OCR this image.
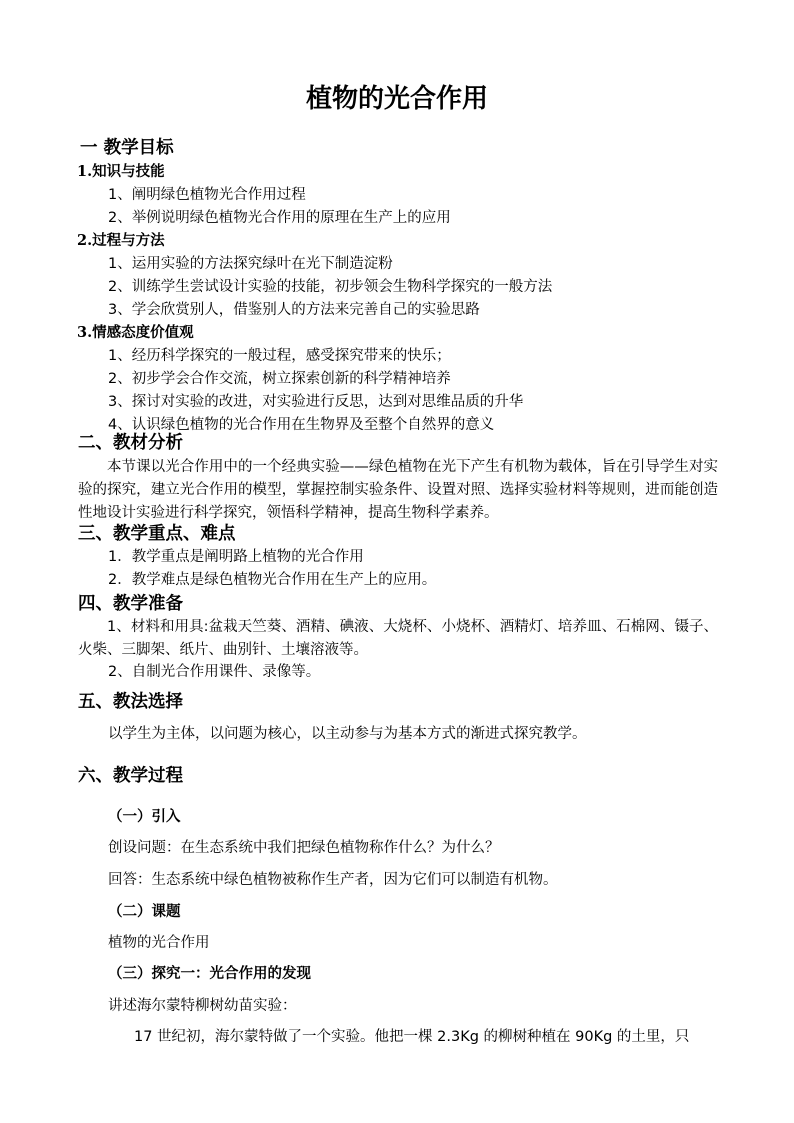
植物的光合作用
一 教学目标
1.知识与技能
1、阐明绿色植物光合作用过程
2、举例说明绿色植物光合作用的原理在生产上的应用
2.过程与方法
1、运用实验的方法探究绿叶在光下制造淀粉
2、训练学生尝试设计实验的技能，初步领会生物科学探究的一般方法
3、学会欣赏别人，借鉴别人的方法来完善自己的实验思路
3.情感态度价值观
1、经历科学探究的一般过程，感受探究带来的快乐；
2、初步学会合作交流，树立探索创新的科学精神培养
3、探讨对实验的改进，对实验进行反思，达到对思维品质的升华
4、认识绿色植物的光合作用在生物界及至整个自然界的意义
二、教材分析
本节课以光合作用中的一个经典实验——绿色植物在光下产生有机物为载体，旨在引导学生对实验的探究，建立光合作用的模型，掌握控制实验条件、设置对照、选择实验材料等规则，进而能创造性地设计实验进行科学探究，领悟科学精神，提高生物科学素养。
三、教学重点、难点
1．教学重点是阐明路上植物的光合作用
2．教学难点是绿色植物光合作用在生产上的应用。
四、教学准备
1、材料和用具:盆栽天竺葵、酒精、碘液、大烧杯、小烧杯、酒精灯、培养皿、石棉网、镊子、火柴、三脚架、纸片、曲别针、土壤溶液等。
2、自制光合作用课件、录像等。
五、教法选择
以学生为主体，以问题为核心，以主动参与为基本方式的渐进式探究教学。
六、教学过程
（一）引入
创设问题：在生态系统中我们把绿色植物称作什么？为什么？
回答：生态系统中绿色植物被称作生产者，因为它们可以制造有机物。
（二）课题
植物的光合作用
（三）探究一：光合作用的发现
讲述海尔蒙特柳树幼苗实验：
17 世纪初，海尔蒙特做了一个实验。他把一棵 2.3Kg 的柳树种植在 90Kg 的土里，只
